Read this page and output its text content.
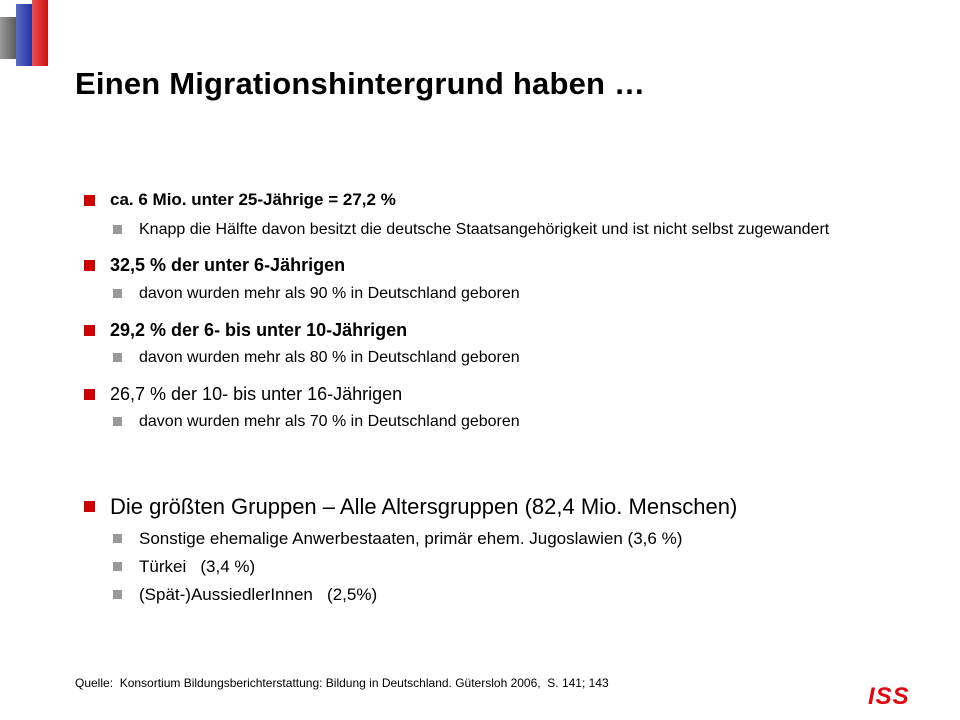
Einen Migrationshintergrund haben …
ca. 6 Mio. unter 25-Jährige = 27,2 %
Knapp die Hälfte davon besitzt die deutsche Staatsangehörigkeit und ist nicht selbst zugewandert
32,5 % der unter 6-Jährigen
davon wurden mehr als 90 % in Deutschland geboren
29,2 % der 6- bis unter 10-Jährigen
davon wurden mehr als 80 % in Deutschland geboren
26,7 % der 10- bis unter 16-Jährigen
davon wurden mehr als 70 % in Deutschland geboren
Die größten Gruppen – Alle Altersgruppen (82,4 Mio. Menschen)
Sonstige ehemalige Anwerbestaaten, primär ehem. Jugoslawien (3,6 %)
Türkei   (3,4 %)
(Spät-)AussiedlerInnen   (2,5%)
Quelle:  Konsortium Bildungsberichterstattung: Bildung in Deutschland. Gütersloh 2006,  S. 141; 143	ISS
